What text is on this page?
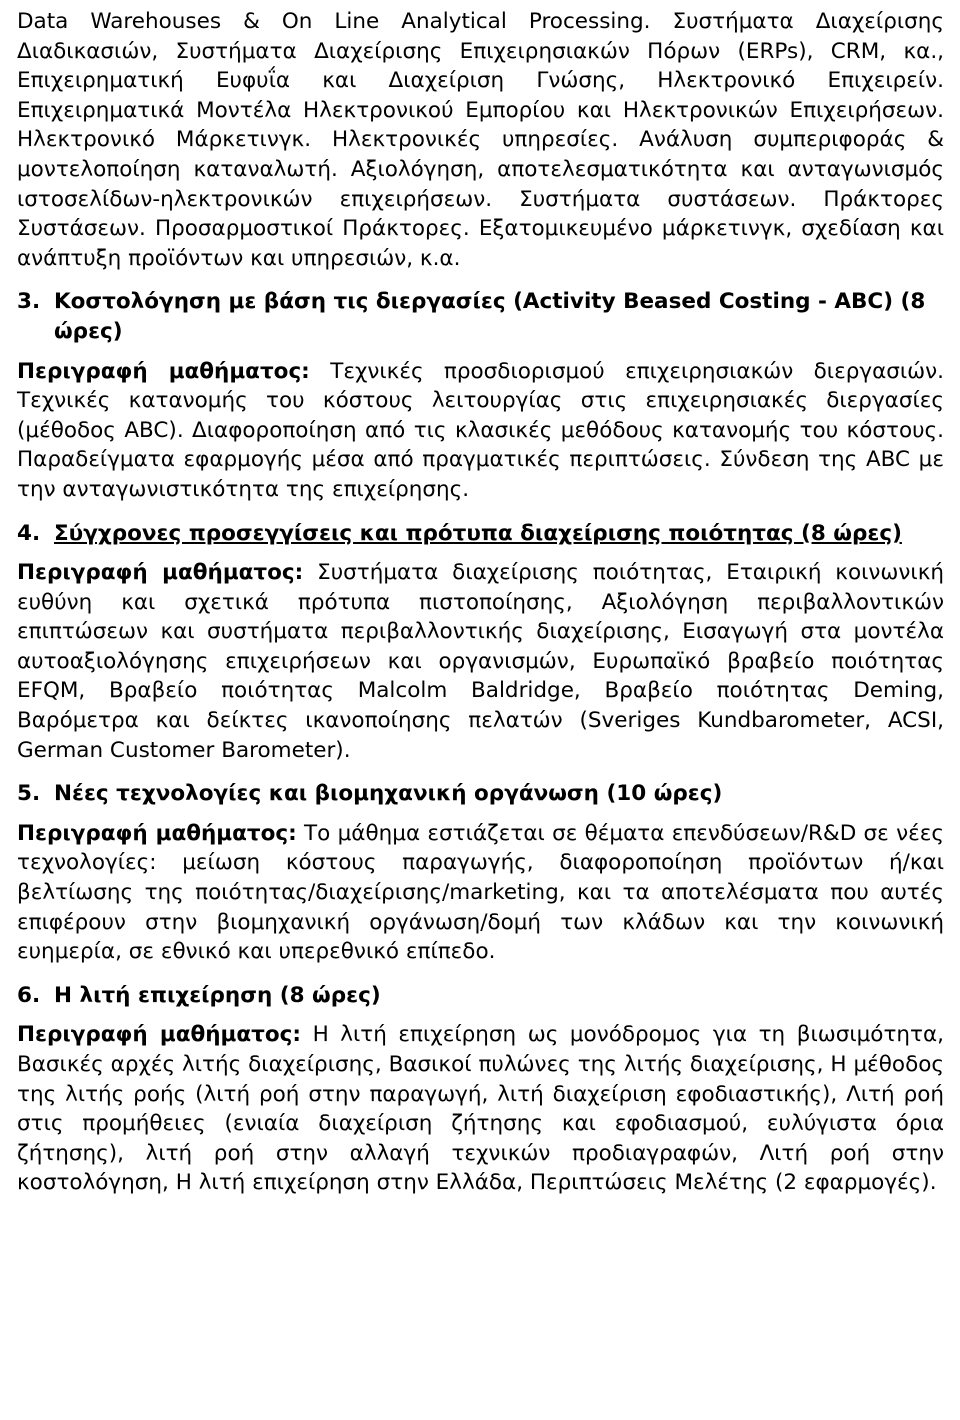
Data Warehouses & On Line Analytical Processing. Συστήματα Διαχείρισης Διαδικασιών, Συστήματα Διαχείρισης Επιχειρησιακών Πόρων (ERPs), CRM, κα., Επιχειρηματική Ευφυΐα και Διαχείριση Γνώσης, Ηλεκτρονικό Επιχειρείν. Επιχειρηματικά Μοντέλα Ηλεκτρονικού Εμπορίου και Ηλεκτρονικών Επιχειρήσεων. Ηλεκτρονικό Μάρκετινγκ. Ηλεκτρονικές υπηρεσίες. Ανάλυση συμπεριφοράς & μοντελοποίηση καταναλωτή. Αξιολόγηση, αποτελεσματικότητα και ανταγωνισμός ιστοσελίδων-ηλεκτρονικών επιχειρήσεων. Συστήματα συστάσεων. Πράκτορες Συστάσεων. Προσαρμοστικοί Πράκτορες. Εξατομικευμένο μάρκετινγκ, σχεδίαση και ανάπτυξη προϊόντων και υπηρεσιών, κ.α.

3. Κοστολόγηση με βάση τις διεργασίες (Activity Beased Costing - ABC) (8 ώρες)

Περιγραφή μαθήματος: Τεχνικές προσδιορισμού επιχειρησιακών διεργασιών. Τεχνικές κατανομής του κόστους λειτουργίας στις επιχειρησιακές διεργασίες (μέθοδος ABC). Διαφοροποίηση από τις κλασικές μεθόδους κατανομής του κόστους. Παραδείγματα εφαρμογής μέσα από πραγματικές περιπτώσεις. Σύνδεση της ABC με την ανταγωνιστικότητα της επιχείρησης.

4. Σύγχρονες προσεγγίσεις και πρότυπα διαχείρισης ποιότητας (8 ώρες)

Περιγραφή μαθήματος: Συστήματα διαχείρισης ποιότητας, Εταιρική κοινωνική ευθύνη και σχετικά πρότυπα πιστοποίησης, Αξιολόγηση περιβαλλοντικών επιπτώσεων και συστήματα περιβαλλοντικής διαχείρισης, Εισαγωγή στα μοντέλα αυτοαξιολόγησης επιχειρήσεων και οργανισμών, Ευρωπαϊκό βραβείο ποιότητας EFQM, Βραβείο ποιότητας Malcolm Baldridge, Βραβείο ποιότητας Deming, Βαρόμετρα και δείκτες ικανοποίησης πελατών (Sveriges Kundbarometer, ACSI, German Customer Barometer).

5. Νέες τεχνολογίες και βιομηχανική οργάνωση (10 ώρες)

Περιγραφή μαθήματος: Το μάθημα εστιάζεται σε θέματα επενδύσεων/R&D σε νέες τεχνολογίες: μείωση κόστους παραγωγής, διαφοροποίηση προϊόντων ή/και βελτίωσης της ποιότητας/διαχείρισης/marketing, και τα αποτελέσματα που αυτές επιφέρουν στην βιομηχανική οργάνωση/δομή των κλάδων και την κοινωνική ευημερία, σε εθνικό και υπερεθνικό επίπεδο.

6. Η λιτή επιχείρηση (8 ώρες)

Περιγραφή μαθήματος: Η λιτή επιχείρηση ως μονόδρομος για τη βιωσιμότητα, Βασικές αρχές λιτής διαχείρισης, Βασικοί πυλώνες της λιτής διαχείρισης, Η μέθοδος της λιτής ροής (λιτή ροή στην παραγωγή, λιτή διαχείριση εφοδιαστικής), Λιτή ροή στις προμήθειες (ενιαία διαχείριση ζήτησης και εφοδιασμού, ευλύγιστα όρια ζήτησης), λιτή ροή στην αλλαγή τεχνικών προδιαγραφών, Λιτή ροή στην κοστολόγηση, Η λιτή επιχείρηση στην Ελλάδα, Περιπτώσεις Μελέτης (2 εφαρμογές).
